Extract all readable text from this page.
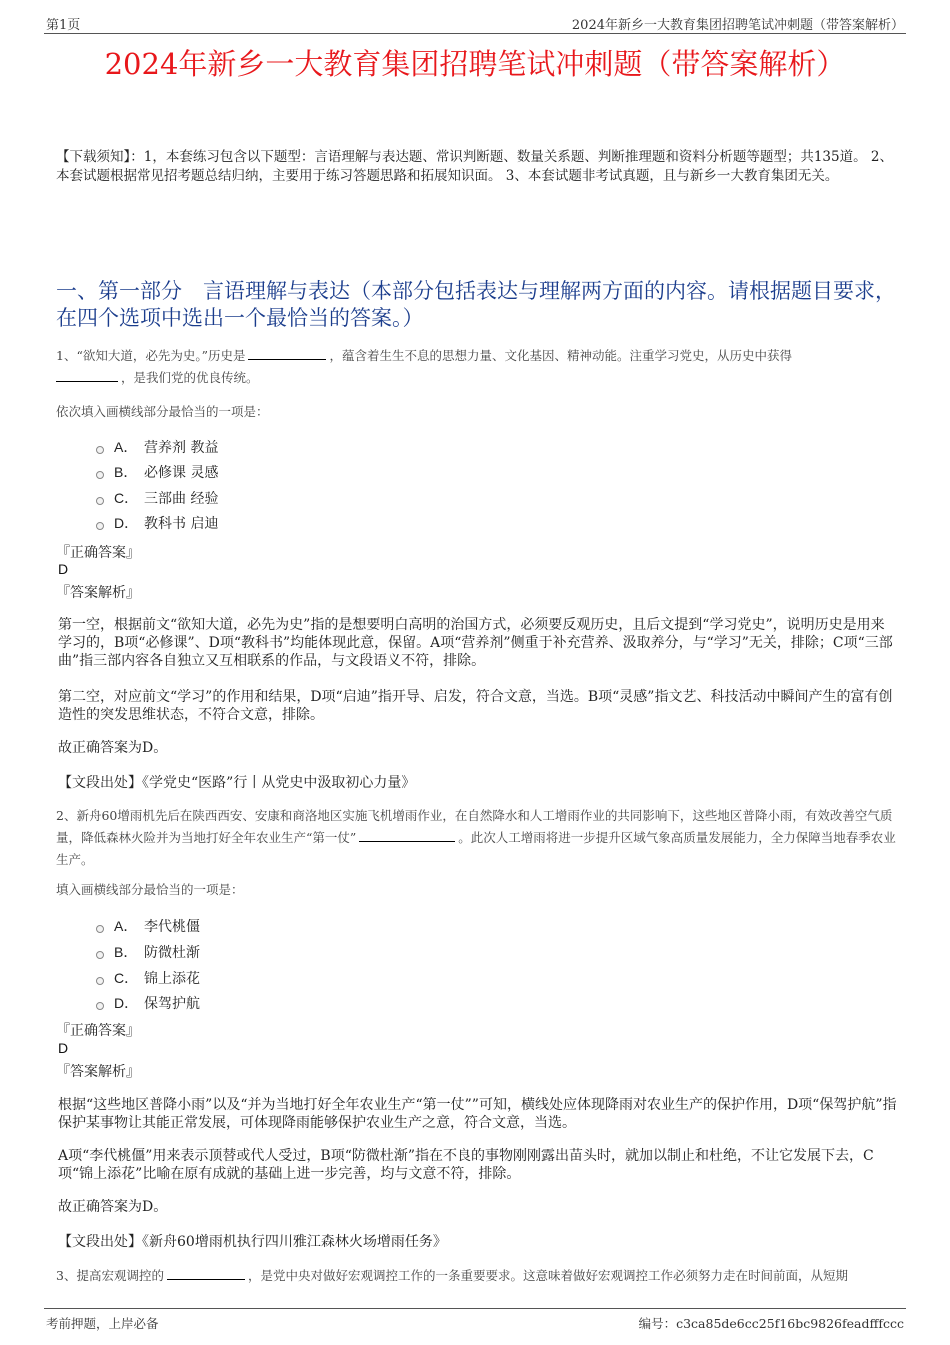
第1页	2024年新乡一大教育集团招聘笔试冲刺题（带答案解析）
2024年新乡一大教育集团招聘笔试冲刺题（带答案解析）
【下载须知】：1，本套练习包含以下题型：言语理解与表达题、常识判断题、数量关系题、判断推理题和资料分析题等题型；共135道。 2、本套试题根据常见招考题总结归纳，主要用于练习答题思路和拓展知识面。 3、本套试题非考试真题，且与新乡一大教育集团无关。
一、第一部分　言语理解与表达（本部分包括表达与理解两方面的内容。请根据题目要求，在四个选项中选出一个最恰当的答案。）
1、“欲知大道，必先为史。”历史是	，蕴含着生生不息的思想力量、文化基因、精神动能。注重学习党史，从历史中获得
，是我们党的优良传统。
依次填入画横线部分最恰当的一项是：
A． 营养剂 教益
B． 必修课 灵感
C． 三部曲 经验
D． 教科书 启迪
『正确答案』
D
『答案解析』
第一空，根据前文“欲知大道，必先为史”指的是想要明白高明的治国方式，必须要反观历史，且后文提到“学习党史”，说明历史是用来学习的，B项“必修课”、D项“教科书”均能体现此意，保留。A项“营养剂”侧重于补充营养、汲取养分，与“学习”无关，排除；C项“三部曲”指三部内容各自独立又互相联系的作品，与文段语义不符，排除。
第二空，对应前文“学习”的作用和结果，D项“启迪”指开导、启发，符合文意，当选。B项“灵感”指文艺、科技活动中瞬间产生的富有创造性的突发思维状态，不符合文意，排除。
故正确答案为D。
【文段出处】《学党史“医路”行丨从党史中汲取初心力量》
2、新舟60增雨机先后在陕西西安、安康和商洛地区实施飞机增雨作业，在自然降水和人工增雨作业的共同影响下，这些地区普降小雨，有效改善空气质量，降低森林火险并为当地打好全年农业生产“第一仗”	。此次人工增雨将进一步提升区域气象高质量发展能力，全力保障当地春季农业生产。
填入画横线部分最恰当的一项是：
A． 李代桃僵
B． 防微杜渐
C． 锦上添花
D． 保驾护航
『正确答案』
D
『答案解析』
根据“这些地区普降小雨”以及“并为当地打好全年农业生产“第一仗””可知，横线处应体现降雨对农业生产的保护作用，D项“保驾护航”指保护某事物让其能正常发展，可体现降雨能够保护农业生产之意，符合文意，当选。
A项“李代桃僵”用来表示顶替或代人受过，B项“防微杜渐”指在不良的事物刚刚露出苗头时，就加以制止和杜绝，不让它发展下去，C项“锦上添花”比喻在原有成就的基础上进一步完善，均与文意不符，排除。
故正确答案为D。
【文段出处】《新舟60增雨机执行四川雅江森林火场增雨任务》
3、提高宏观调控的	，是党中央对做好宏观调控工作的一条重要要求。这意味着做好宏观调控工作必须努力走在时间前面，从短期
考前押题，上岸必备	编号：c3ca85de6cc25f16bc9826feadfffccc
